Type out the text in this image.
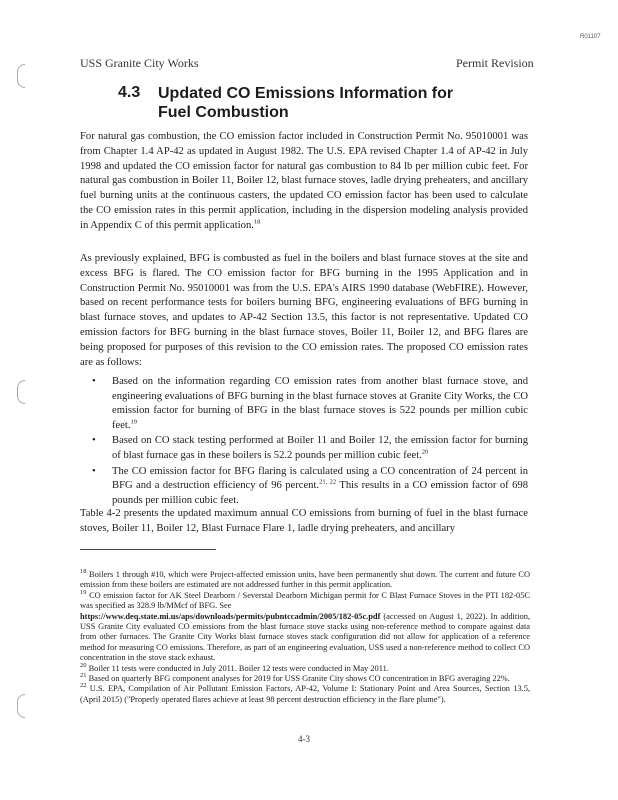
R01107
USS Granite City Works	Permit Revision
4.3 Updated CO Emissions Information for Fuel Combustion
For natural gas combustion, the CO emission factor included in Construction Permit No. 95010001 was from Chapter 1.4 AP-42 as updated in August 1982. The U.S. EPA revised Chapter 1.4 of AP-42 in July 1998 and updated the CO emission factor for natural gas combustion to 84 lb per million cubic feet. For natural gas combustion in Boiler 11, Boiler 12, blast furnace stoves, ladle drying preheaters, and ancillary fuel burning units at the continuous casters, the updated CO emission factor has been used to calculate the CO emission rates in this permit application, including in the dispersion modeling analysis provided in Appendix C of this permit application.$^{18}$
As previously explained, BFG is combusted as fuel in the boilers and blast furnace stoves at the site and excess BFG is flared. The CO emission factor for BFG burning in the 1995 Application and in Construction Permit No. 95010001 was from the U.S. EPA's AIRS 1990 database (WebFIRE). However, based on recent performance tests for boilers burning BFG, engineering evaluations of BFG burning in blast furnace stoves, and updates to AP-42 Section 13.5, this factor is not representative. Updated CO emission factors for BFG burning in the blast furnace stoves, Boiler 11, Boiler 12, and BFG flares are being proposed for purposes of this revision to the CO emission rates. The proposed CO emission rates are as follows:
• Based on the information regarding CO emission rates from another blast furnace stove, and engineering evaluations of BFG burning in the blast furnace stoves at Granite City Works, the CO emission factor for burning of BFG in the blast furnace stoves is 522 pounds per million cubic feet.$^{19}$
• Based on CO stack testing performed at Boiler 11 and Boiler 12, the emission factor for burning of blast furnace gas in these boilers is 52.2 pounds per million cubic feet.$^{20}$
• The CO emission factor for BFG flaring is calculated using a CO concentration of 24 percent in BFG and a destruction efficiency of 96 percent.$^{21, 22}$ This results in a CO emission factor of 698 pounds per million cubic feet.
Table 4-2 presents the updated maximum annual CO emissions from burning of fuel in the blast furnace stoves, Boiler 11, Boiler 12, Blast Furnace Flare 1, ladle drying preheaters, and ancillary
$^{18}$ Boilers 1 through #10, which were Project-affected emission units, have been permanently shut down. The current and future CO emission from these boilers are estimated are not addressed further in this permit application.
$^{19}$ CO emission factor for AK Steel Dearborn / Severstal Dearborn Michigan permit for C Blast Furnace Stoves in the PTI 182-05C was specified as 328.9 lb/MMcf of BFG. See
https://www.deq.state.mi.us/aps/downloads/permits/pubntccadmin/2005/182-05c.pdf (accessed on August 1, 2022). In addition, USS Granite City evaluated CO emissions from the blast furnace stove stacks using non-reference method to compare against data from other furnaces. The Granite City Works blast furnace stoves stack configuration did not allow for application of a reference method for measuring CO emissions. Therefore, as part of an engineering evaluation, USS used a non-reference method to collect CO concentration in the stove stack exhaust.
$^{20}$ Boiler 11 tests were conducted in July 2011. Boiler 12 tests were conducted in May 2011.
$^{21}$ Based on quarterly BFG component analyses for 2019 for USS Granite City shows CO concentration in BFG averaging 22%.
$^{22}$ U.S. EPA, Compilation of Air Pollutant Emission Factors, AP-42, Volume I: Stationary Point and Area Sources, Section 13.5, (April 2015) ("Properly operated flares achieve at least 98 percent destruction efficiency in the flare plume").
4-3
